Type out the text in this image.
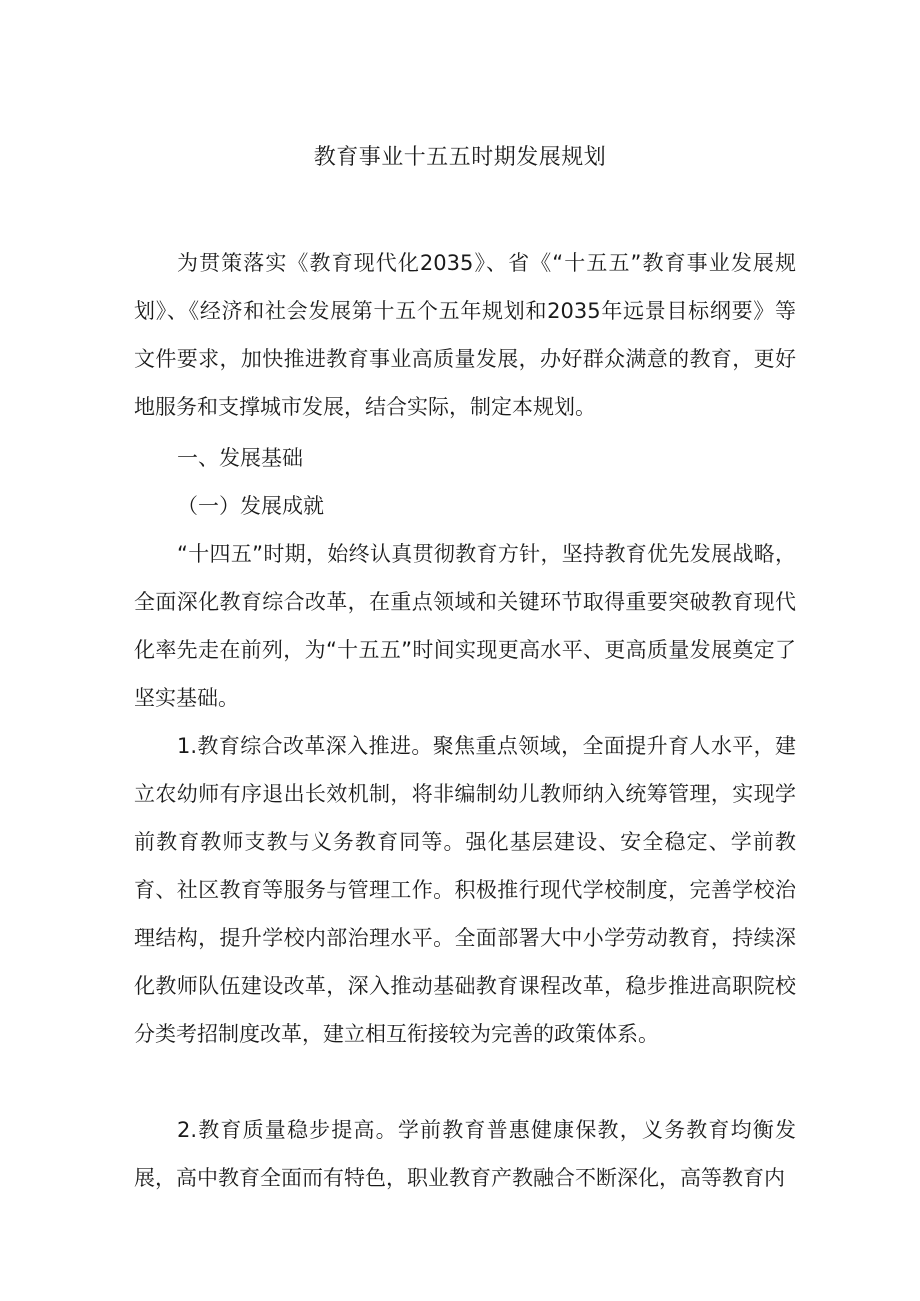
教育事业十五五时期发展规划

为贯策落实《教育现代化2035》、省《“十五五”教育事业发展规划》、《经济和社会发展第十五个五年规划和2035年远景目标纲要》等文件要求，加快推进教育事业高质量发展，办好群众满意的教育，更好地服务和支撑城市发展，结合实际，制定本规划。

一、发展基础

（一）发展成就

“十四五”时期，始终认真贯彻教育方针，坚持教育优先发展战略，全面深化教育综合改革，在重点领域和关键环节取得重要突破教育现代化率先走在前列，为“十五五”时间实现更高水平、更高质量发展奠定了坚实基础。

1.教育综合改革深入推进。聚焦重点领域，全面提升育人水平，建立农幼师有序退出长效机制，将非编制幼儿教师纳入统筹管理，实现学前教育教师支教与义务教育同等。强化基层建设、安全稳定、学前教育、社区教育等服务与管理工作。积极推行现代学校制度，完善学校治理结构，提升学校内部治理水平。全面部署大中小学劳动教育，持续深化教师队伍建设改革，深入推动基础教育课程改革，稳步推进高职院校分类考招制度改革，建立相互衔接较为完善的政策体系。

2.教育质量稳步提高。学前教育普惠健康保教，义务教育均衡发展，高中教育全面而有特色，职业教育产教融合不断深化，高等教育内
